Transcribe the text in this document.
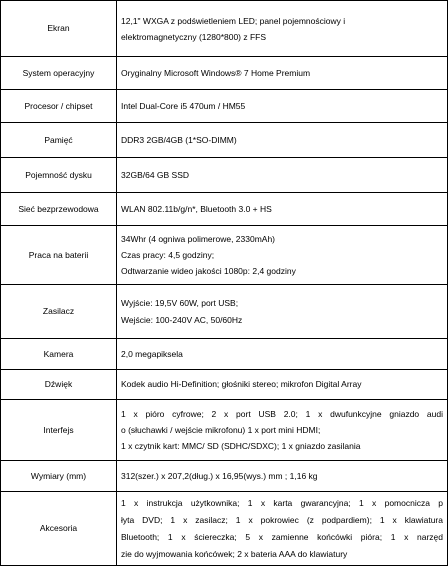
Ekran	12,1" WXGA z podświetleniem LED; panel pojemnościowy i
elektromagnetyczny (1280*800) z FFS

System operacyjny	Oryginalny Microsoft Windows® 7 Home Premium

Procesor / chipset	Intel Dual-Core i5 470um / HM55

Pamięć	DDR3 2GB/4GB (1*SO-DIMM)

Pojemność dysku	32GB/64 GB SSD

Sieć bezprzewodowa	WLAN 802.11b/g/n*, Bluetooth 3.0 + HS

Praca na baterii	34Whr (4 ogniwa polimerowe, 2330mAh)
Czas pracy: 4,5 godziny;
Odtwarzanie wideo jakości 1080p: 2,4 godziny

Zasilacz	Wyjście: 19,5V 60W, port USB;
Wejście: 100-240V AC, 50/60Hz

Kamera	2,0 megapiksela

Dźwięk	Kodek audio Hi-Definition; głośniki stereo; mikrofon Digital Array

Interfejs	1 x pióro cyfrowe; 2 x port USB 2.0; 1 x dwufunkcyjne gniazdo audi
o (słuchawki / wejście mikrofonu) 1 x port mini HDMI;
1 x czytnik kart: MMC/ SD (SDHC/SDXC); 1 x gniazdo zasilania

Wymiary (mm)	312(szer.) x 207,2(dług.) x 16,95(wys.) mm ; 1,16 kg

Akcesoria	1 x instrukcja użytkownika; 1 x karta gwarancyjna; 1 x pomocnicza p
łyta DVD; 1 x zasilacz; 1 x pokrowiec (z podpardiem); 1 x klawiatura
Bluetooth; 1 x ściereczka; 5 x zamienne końcówki pióra; 1 x narzęd
zie do wyjmowania końcówek; 2 x bateria AAA do klawiatury
